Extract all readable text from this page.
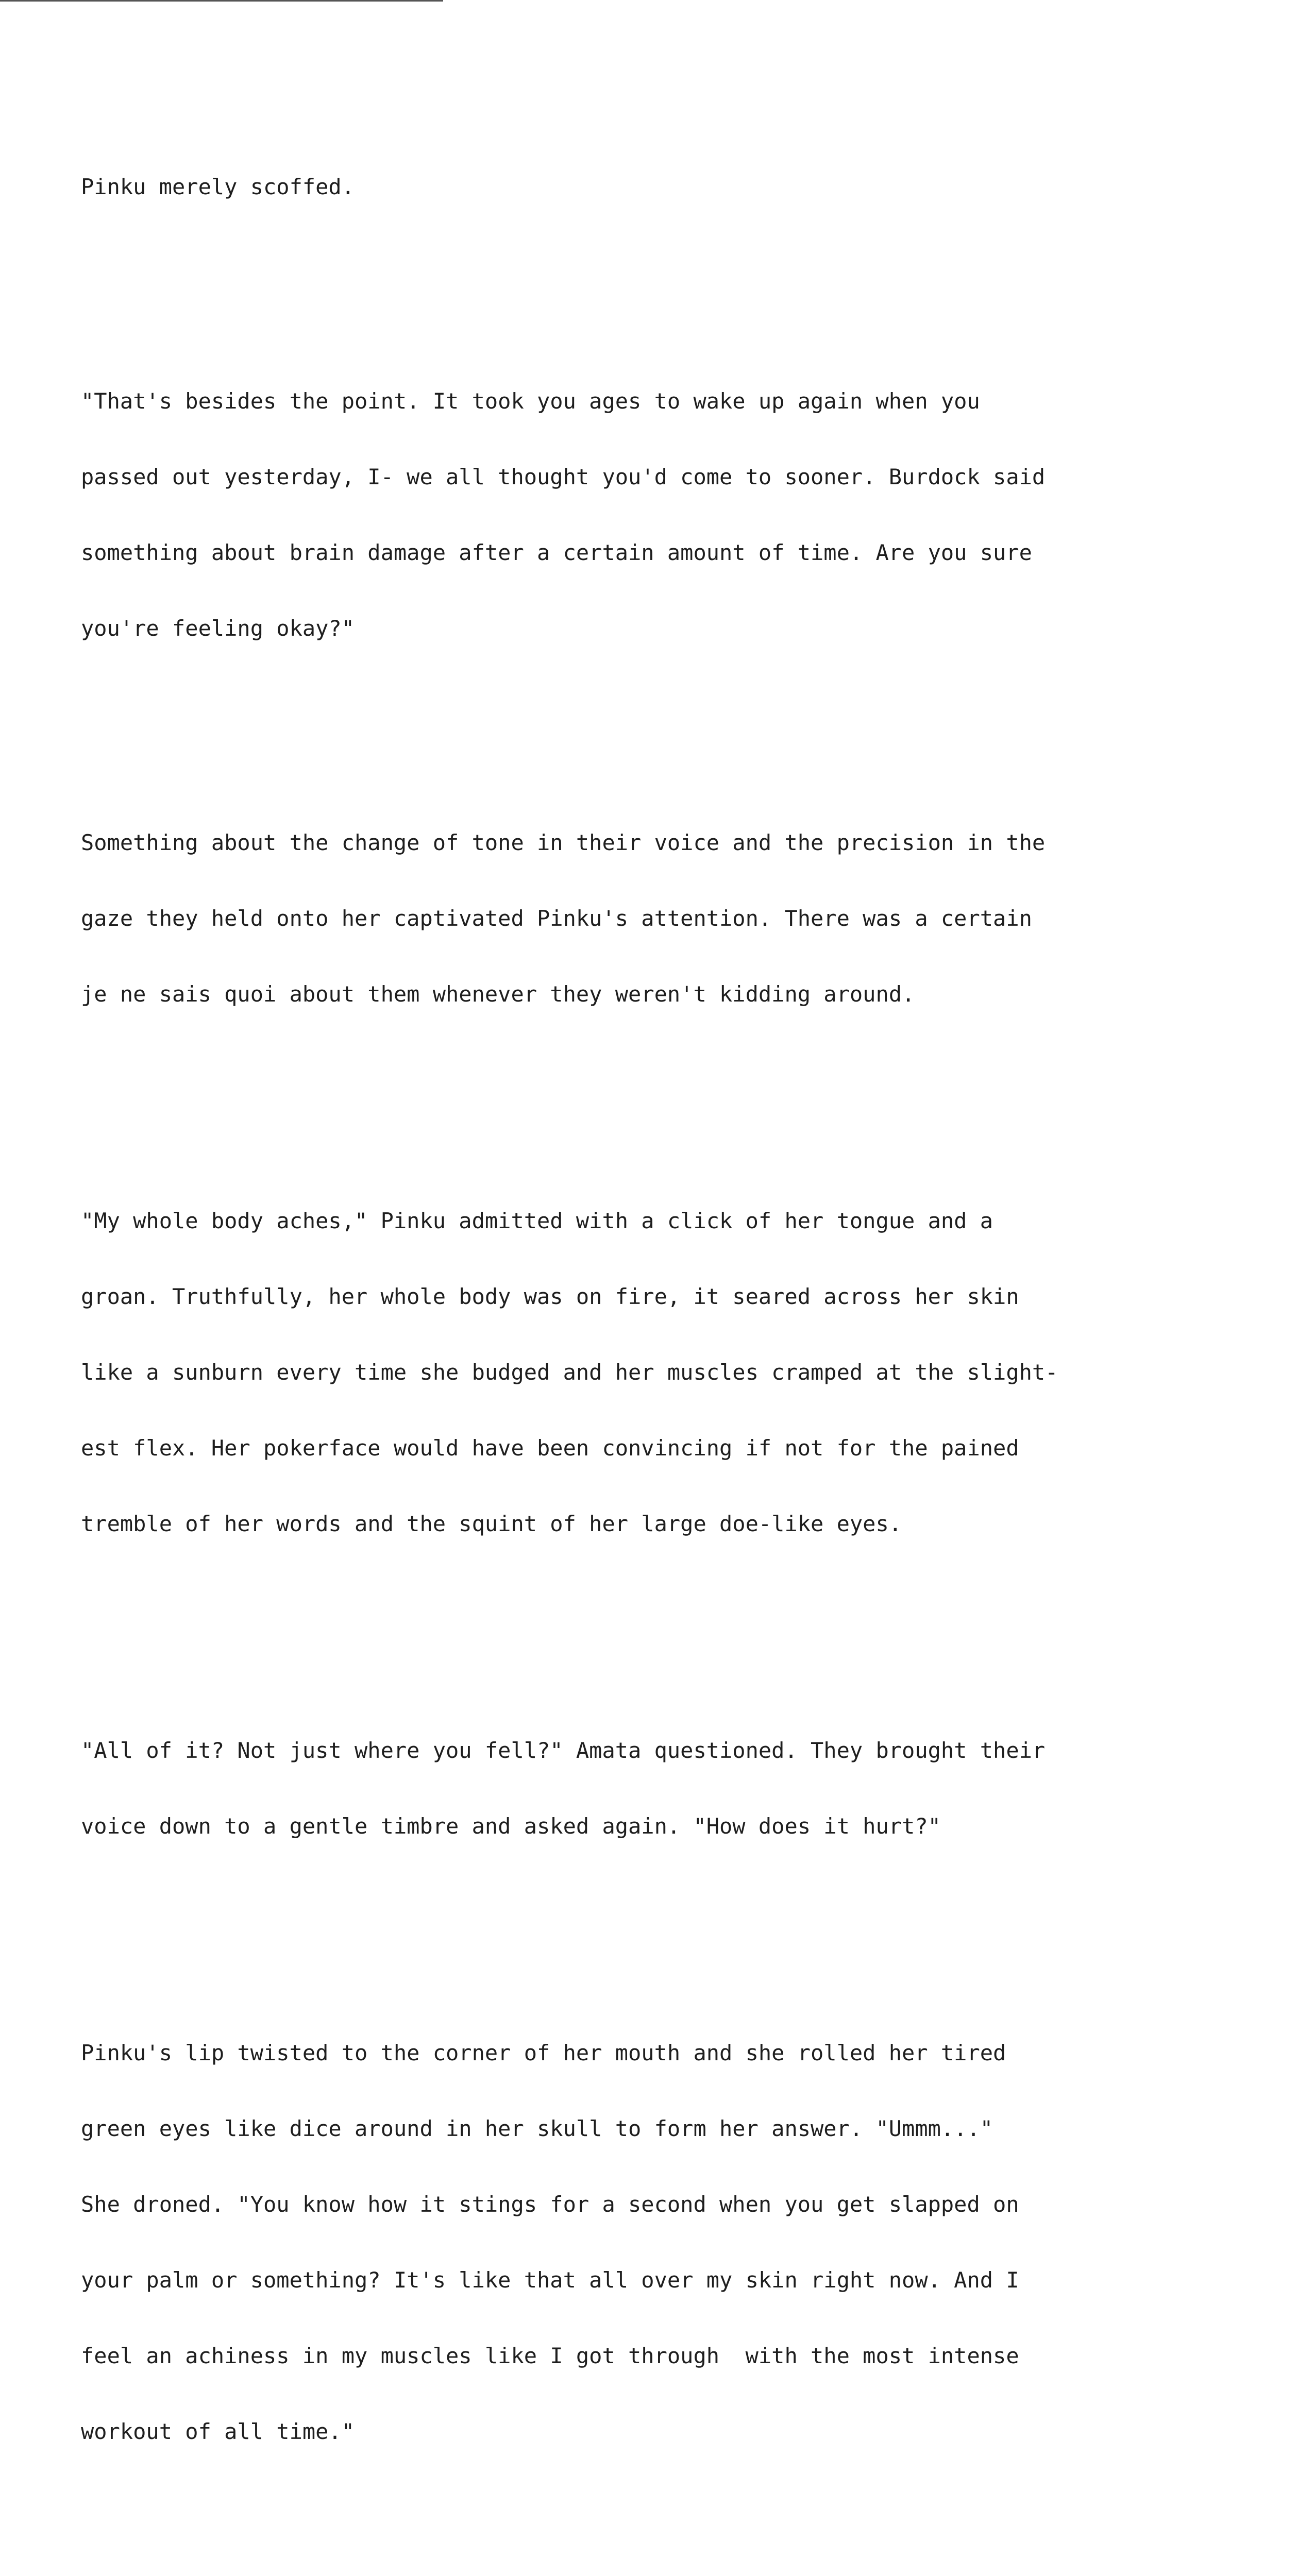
Pinku merely scoffed.

"That's besides the point. It took you ages to wake up again when you

passed out yesterday, I- we all thought you'd come to sooner. Burdock said

something about brain damage after a certain amount of time. Are you sure

you're feeling okay?"

Something about the change of tone in their voice and the precision in the

gaze they held onto her captivated Pinku's attention. There was a certain

je ne sais quoi about them whenever they weren't kidding around.

"My whole body aches," Pinku admitted with a click of her tongue and a

groan. Truthfully, her whole body was on fire, it seared across her skin

like a sunburn every time she budged and her muscles cramped at the slight-

est flex. Her pokerface would have been convincing if not for the pained

tremble of her words and the squint of her large doe-like eyes.

"All of it? Not just where you fell?" Amata questioned. They brought their

voice down to a gentle timbre and asked again. "How does it hurt?"

Pinku's lip twisted to the corner of her mouth and she rolled her tired

green eyes like dice around in her skull to form her answer. "Ummm..."

She droned. "You know how it stings for a second when you get slapped on

your palm or something? It's like that all over my skin right now. And I

feel an achiness in my muscles like I got through  with the most intense

workout of all time."
